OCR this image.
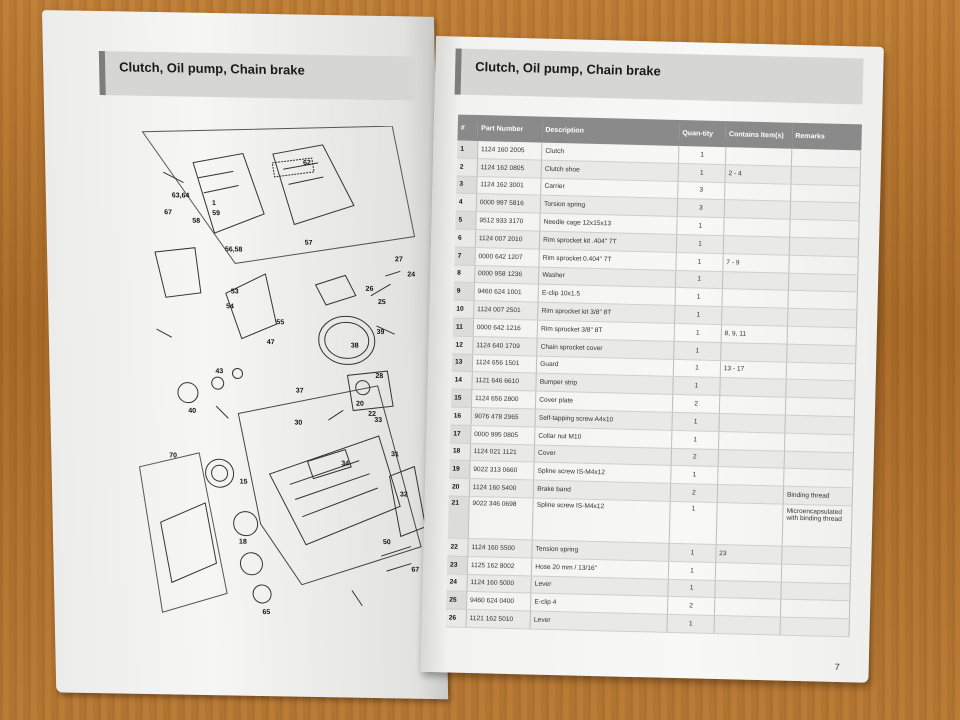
Clutch, Oil pump, Chain brake
63,64
67
1
59
58
62
56,58
57
27
24
26
25
53
54
55
47
43
40
39
38
37
28
20
22
30	33
31
34
32
15
18
70
65
50
67
Clutch, Oil pump, Chain brake
#	Part Number	Description	Quan-tity	Contains Item(s)	Remarks
1	1124 160 2005	Clutch	1		
2	1124 162 0805	Clutch shoe	1	2 - 4	
3	1124 162 3001	Carrier	3		
4	0000 997 5816	Torsion spring	3		
5	9512 933 3170	Needle cage 12x15x13	1		
6	1124 007 2010	Rim sprocket kit .404" 7T	1		
7	0000 642 1207	Rim sprocket 0.404" 7T	1	7 - 9	
8	0000 958 1236	Washer	1		
9	9460 624 1001	E-clip 10x1.5	1		
10	1124 007 2501	Rim sprocket kit 3/8" 8T	1		
11	0000 642 1216	Rim sprocket 3/8" 8T	1	8, 9, 11	
12	1124 640 1709	Chain sprocket cover	1		
13	1124 656 1501	Guard	1	13 - 17	
14	1121 646 6610	Bumper strip	1		
15	1124 656 2800	Cover plate	2		
16	9076 478 2965	Self-tapping screw A4x10	1		
17	0000 995 0805	Collar nut M10	1		
18	1124 021 1121	Cover	2		
19	9022 313 0660	Spline screw IS-M4x12	1		
20	1124 160 5400	Brake band	2		Binding thread
21	9022 346 0698	Spline screw IS-M4x12	1		Microencapsulated with binding thread
22	1124 160 5500	Tension spring	1	23	
23	1125 162 8002	Hose 20 mm / 13/16"	1		
24	1124 160 5000	Lever	1		
25	9460 624 0400	E-clip 4	2		
26	1121 162 5010	Lever	1		
7
